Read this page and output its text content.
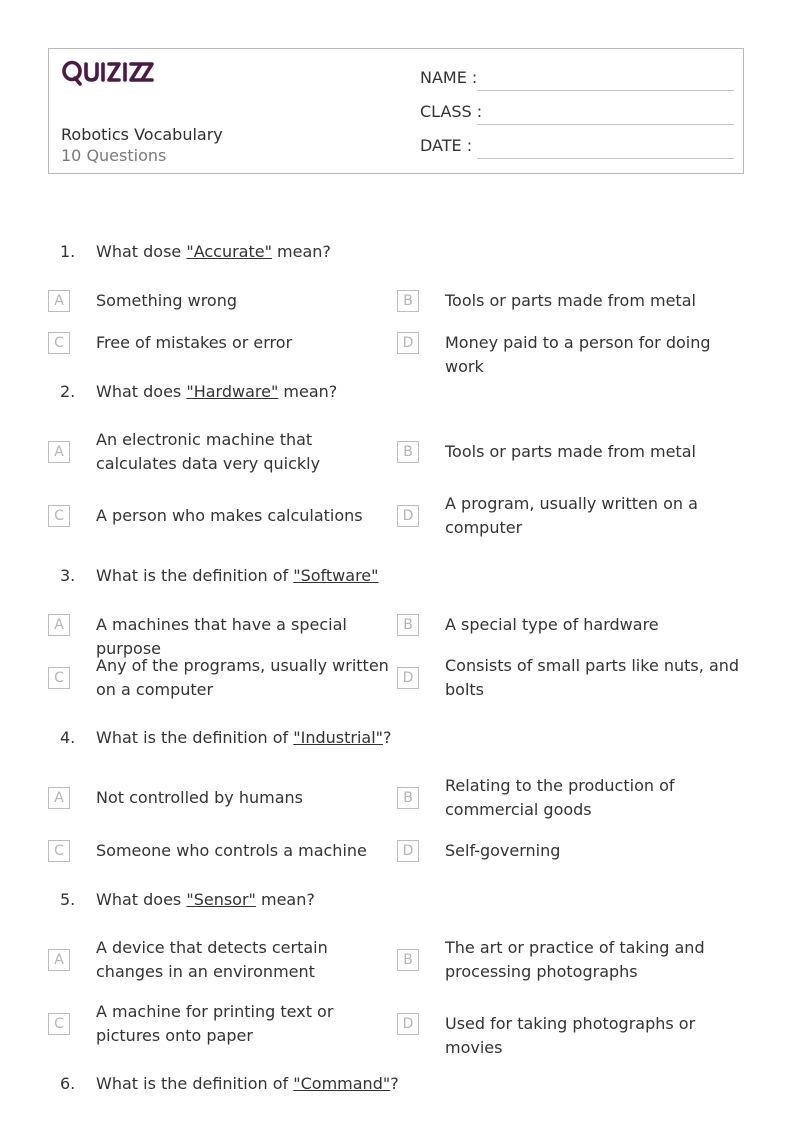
Robotics Vocabulary
10 Questions
NAME :
CLASS :
DATE :
1. What dose "Accurate" mean?
A	Something wrong	B	Tools or parts made from metal
C	Free of mistakes or error	D	Money paid to a person for doing work
2. What does "Hardware" mean?
A
An electronic machine that calculates data very quickly
B	Tools or parts made from metal
C	A person who makes calculations	D
A program, usually written on a computer
3. What is the definition of "Software"
A	A machines that have a special purpose
B	A special type of hardware
C
Any of the programs, usually written on a computer
D
Consists of small parts like nuts, and bolts
4. What is the definition of "Industrial"?
A	Not controlled by humans	B
Relating to the production of commercial goods
C	Someone who controls a machine	D	Self-governing
5. What does "Sensor" mean?
A
A device that detects certain changes in an environment
B
The art or practice of taking and processing photographs
C
A machine for printing text or pictures onto paper
D	Used for taking photographs or movies
6. What is the definition of "Command"?
